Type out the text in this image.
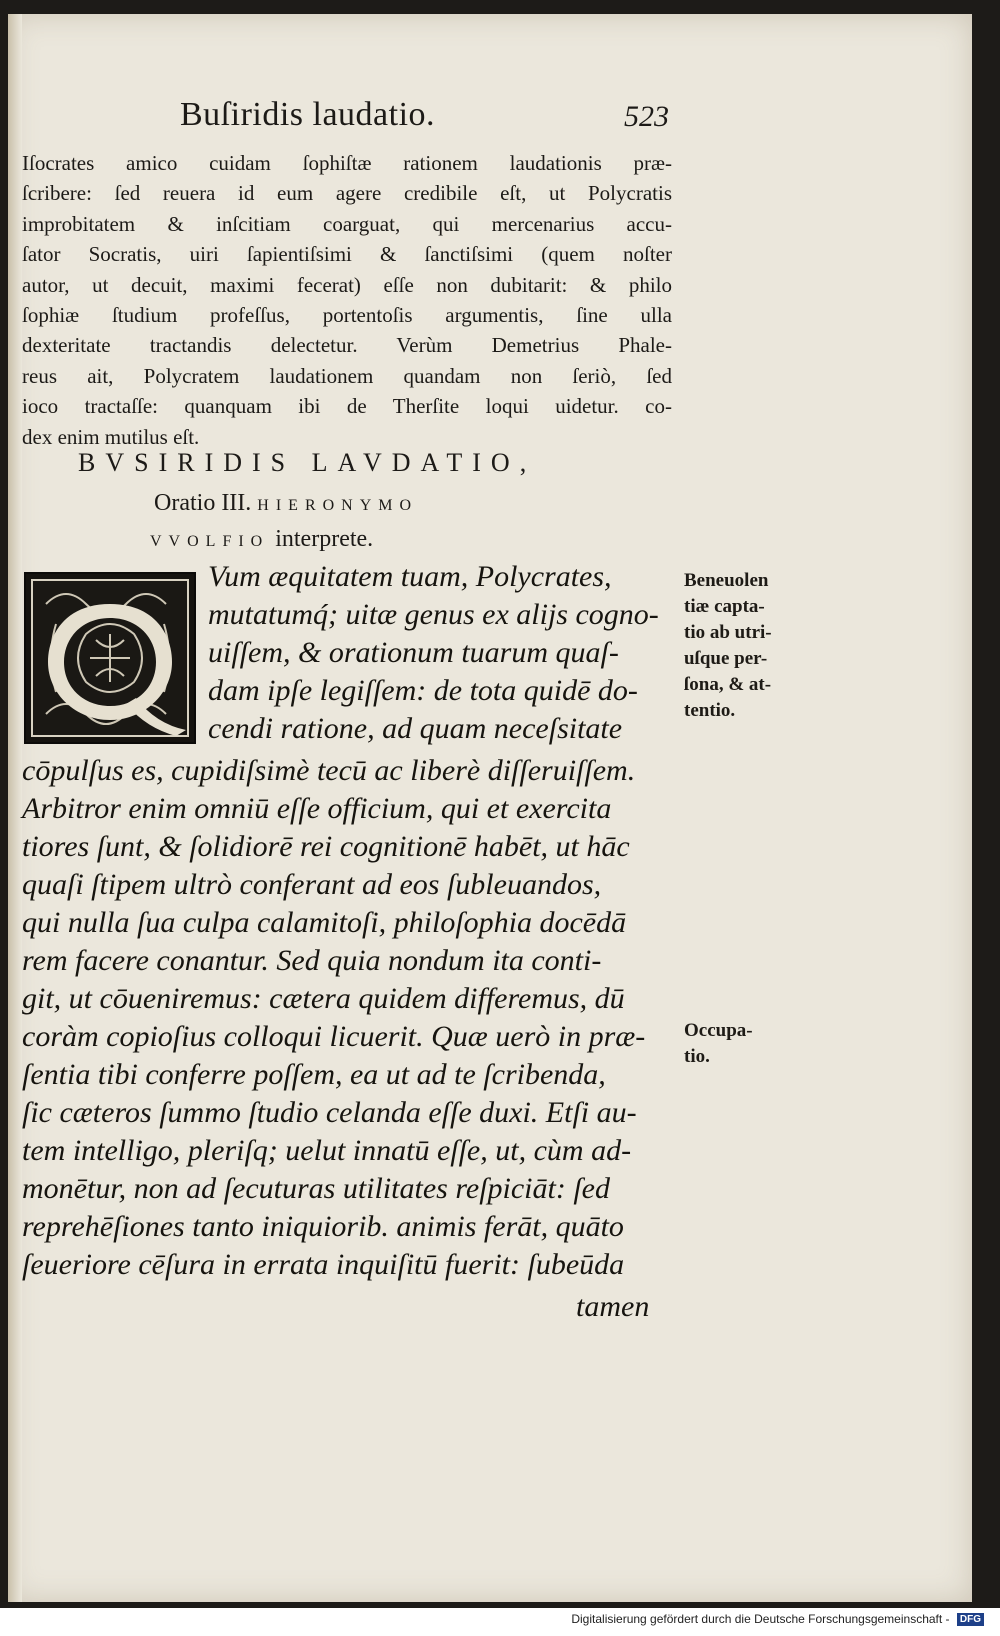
Buſiridis laudatio.	523
Iſocrates amico cuidam ſophiſtæ rationem laudationis præ-
ſcribere: ſed reuera id eum agere credibile eſt, ut Polycratis
improbitatem & inſcitiam coarguat, qui mercenarius accu-
ſator Socratis, uiri ſapientiſsimi & ſanctiſsimi (quem noſter
autor, ut decuit, maximi fecerat) eſſe non dubitarit: & philo
ſophiæ ſtudium profeſſus, portentoſis argumentis, ſine ulla
dexteritate tractandis delectetur. Verùm Demetrius Phale-
reus ait, Polycratem laudationem quandam non ſeriò, ſed
ioco tractaſſe: quanquam ibi de Therſite loqui uidetur. co-
dex enim mutilus eſt.
BVSIRIDIS LAVDATIO,
Oratio III. HIERONYMO
VVOLFIO interprete.
Vum æquitatem tuam, Polycrates,
mutatumq́; uitæ genus ex alijs cogno-
uiſſem, & orationum tuarum quaſ-
dam ipſe legiſſem: de tota quidē do-
cendi ratione, ad quam neceſsitate
cōpulſus es, cupidiſsimè tecū ac liberè diſſeruiſſem.
Arbitror enim omniū eſſe officium, qui et exercita
tiores ſunt, & ſolidiorē rei cognitionē habēt, ut hāc
quaſi ſtipem ultrò conferant ad eos ſubleuandos,
qui nulla ſua culpa calamitoſi, philoſophia docēdā
rem facere conantur. Sed quia nondum ita conti-
git, ut cōueniremus: cætera quidem differemus, dū
coràm copioſius colloqui licuerit. Quæ uerò in præ-
ſentia tibi conferre poſſem, ea ut ad te ſcribenda,
ſic cæteros ſummo ſtudio celanda eſſe duxi. Etſi au-
tem intelligo, pleriſq; uelut innatū eſſe, ut, cùm ad-
monētur, non ad ſecuturas utilitates reſpiciāt: ſed
reprehēſiones tanto iniquiorib. animis ferāt, quāto
ſeueriore cēſura in errata inquiſitū fuerit: ſubeūda
tamen
Beneuolen
tiæ capta-
tio ab utri-
uſque per-
ſona, & at-
tentio.
Occupa-
tio.
Digitalisierung gefördert durch die Deutsche Forschungsgemeinschaft - DFG
